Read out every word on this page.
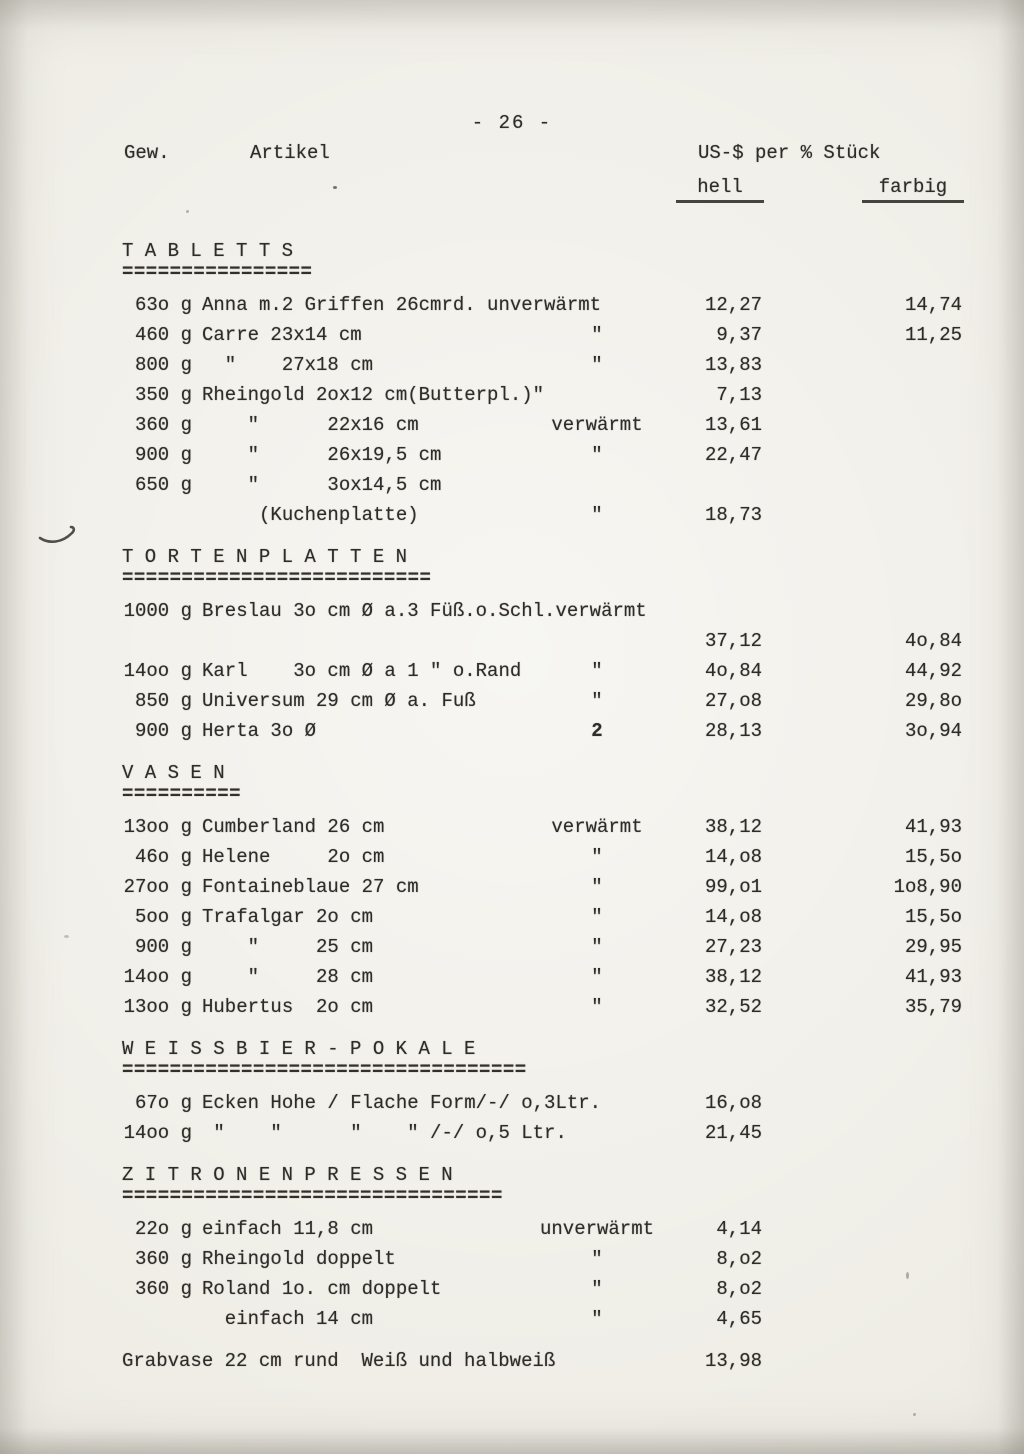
- 26 -
Gew.	Artikel	US-$ per % Stück
hell	farbig
T A B L E T T S
================
63o g Anna m.2 Griffen 26cmrd. unverwärmt	12,27	14,74
460 g Carre 23x14 cm	"	9,37	11,25
800 g "    27x18 cm	"	13,83
350 g Rheingold 2ox12 cm(Butterpl.)"	7,13
360 g "      22x16 cm	verwärmt	13,61
900 g "      26x19,5 cm	"	22,47
650 g "      3ox14,5 cm
(Kuchenplatte)	"	18,73
T O R T E N P L A T T E N
==========================
1000 g Breslau 3o cm Ø a.3 Füß.o.Schl.verwärmt
37,12	4o,84
14oo g Karl    3o cm Ø a 1 " o.Rand	"	4o,84	44,92
850 g Universum 29 cm Ø a. Fuß	"	27,o8	29,8o
900 g Herta 3o Ø	2	28,13	3o,94
V A S E N
==========
13oo g Cumberland 26 cm	verwärmt	38,12	41,93
46o g Helene     2o cm	"	14,o8	15,5o
27oo g Fontaineblaue 27 cm	"	99,o1	1o8,90
5oo g Trafalgar 2o cm	"	14,o8	15,5o
900 g "     25 cm	"	27,23	29,95
14oo g "     28 cm	"	38,12	41,93
13oo g Hubertus  2o cm	"	32,52	35,79
W E I S S B I E R - P O K A L E
==================================
67o g Ecken Hohe / Flache Form/-/ o,3Ltr.	16,o8
14oo g "    "      "    " /-/ o,5 Ltr.	21,45
Z I T R O N E N P R E S S E N
================================
22o g einfach 11,8 cm	unverwärmt	4,14
360 g Rheingold doppelt	"	8,o2
360 g Roland 1o. cm doppelt	"	8,o2
einfach 14 cm	"	4,65
Grabvase 22 cm rund  Weiß und halbweiß	13,98
